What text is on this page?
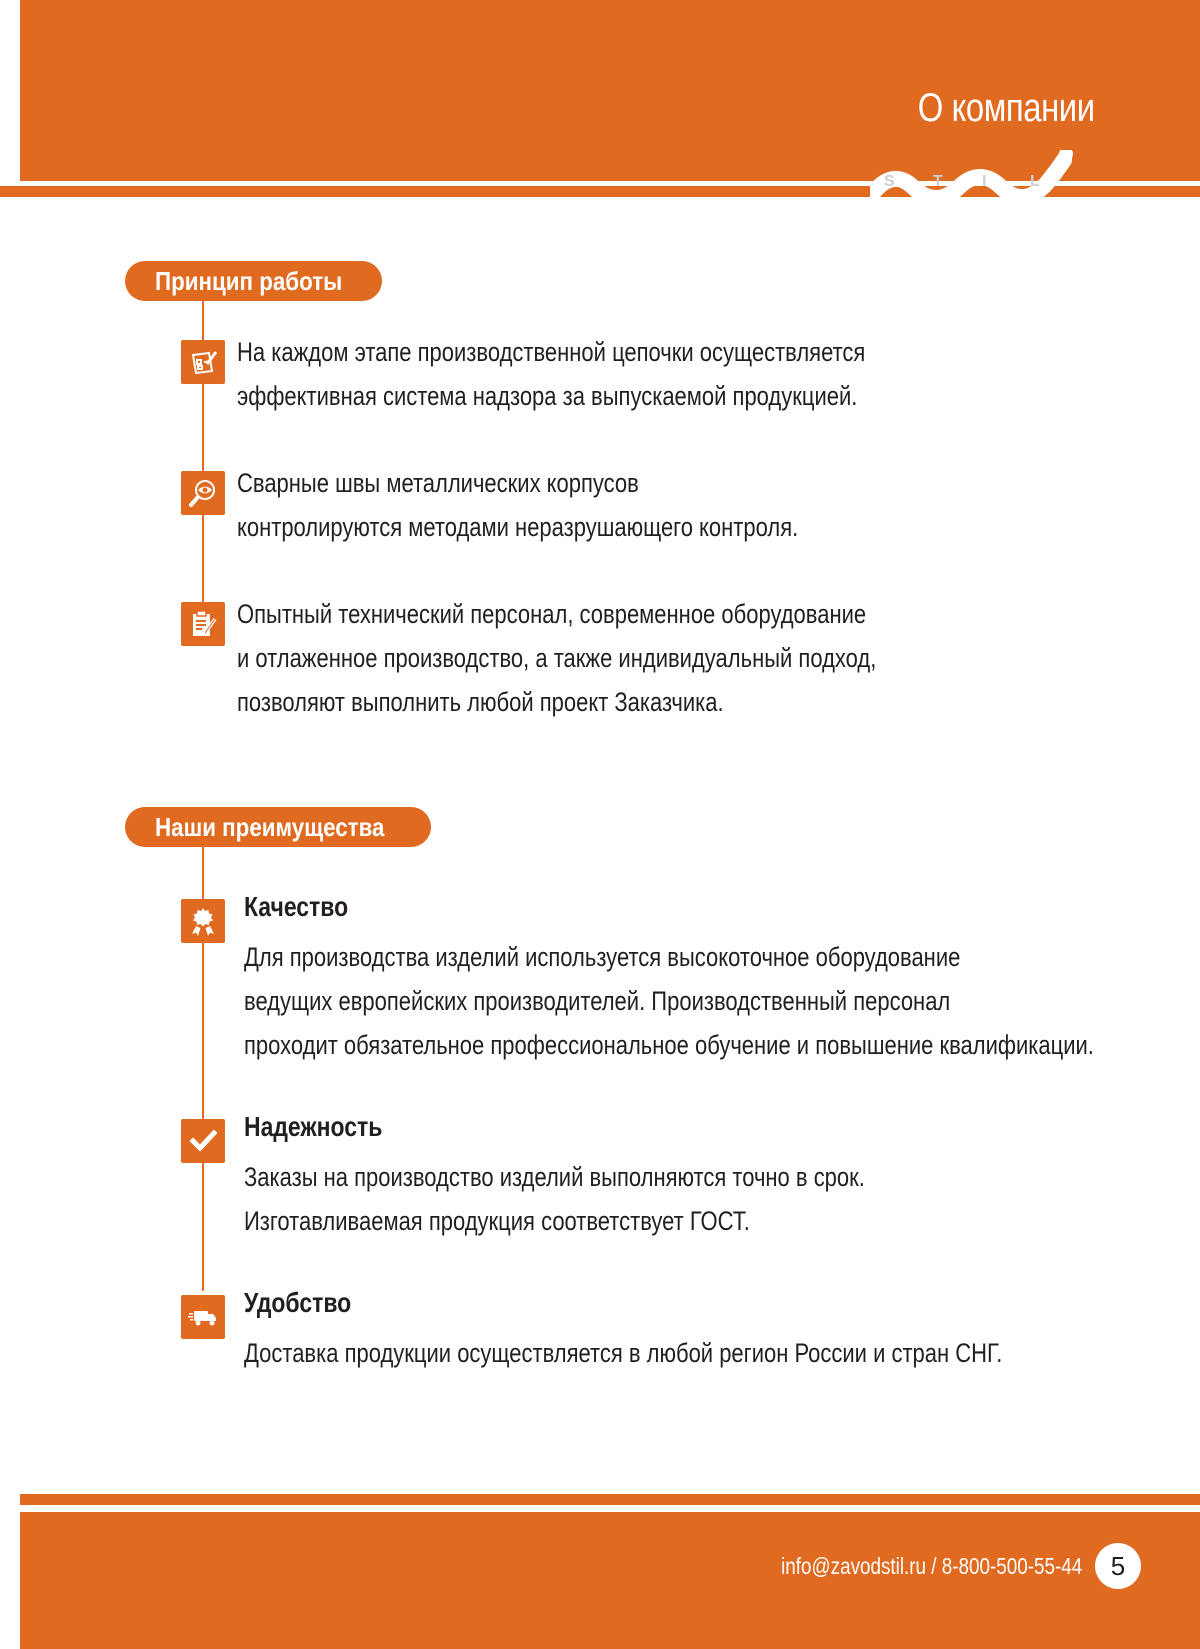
О компании
S T I	L
Принцип работы
На каждом этапе производственной цепочки осуществляется
эффективная система надзора за выпускаемой продукцией.
Сварные швы металлических корпусов
контролируются методами неразрушающего контроля.
Опытный технический персонал, современное оборудование
и отлаженное производство, а также индивидуальный подход,
позволяют выполнить любой проект Заказчика.
Наши преимущества
Качество
Для производства изделий используется высокоточное оборудование
ведущих европейских производителей. Производственный персонал
проходит обязательное профессиональное обучение и повышение квалификации.
Надежность
Заказы на производство изделий выполняются точно в срок.
Изготавливаемая продукция соответствует ГОСТ.
Удобство
Доставка продукции осуществляется в любой регион России и стран СНГ.
info@zavodstil.ru / 8-800-500-55-44	5
